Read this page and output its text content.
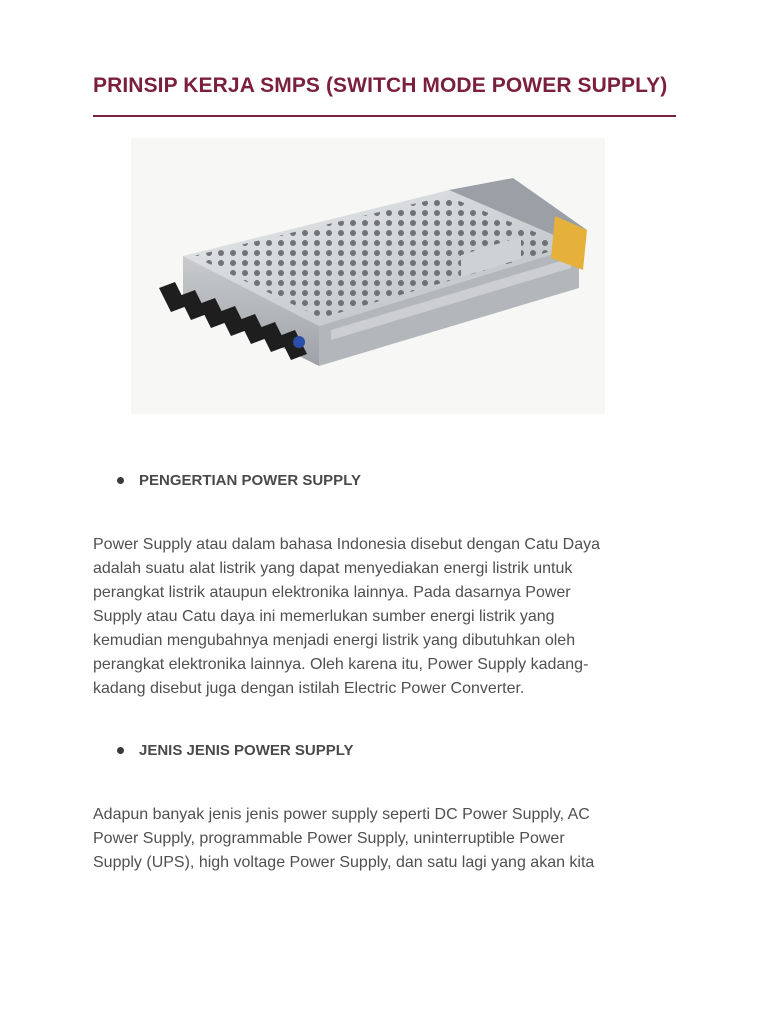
PRINSIP KERJA SMPS (SWITCH MODE POWER SUPPLY)
PENGERTIAN POWER SUPPLY
Power Supply atau dalam bahasa Indonesia disebut dengan Catu Daya
adalah suatu alat listrik yang dapat menyediakan energi listrik untuk
perangkat listrik ataupun elektronika lainnya. Pada dasarnya Power
Supply atau Catu daya ini memerlukan sumber energi listrik yang
kemudian mengubahnya menjadi energi listrik yang dibutuhkan oleh
perangkat elektronika lainnya. Oleh karena itu, Power Supply kadang-
kadang disebut juga dengan istilah Electric Power Converter.
JENIS JENIS POWER SUPPLY
Adapun banyak jenis jenis power supply seperti DC Power Supply, AC
Power Supply, programmable Power Supply, uninterruptible Power
Supply (UPS), high voltage Power Supply, dan satu lagi yang akan kita
